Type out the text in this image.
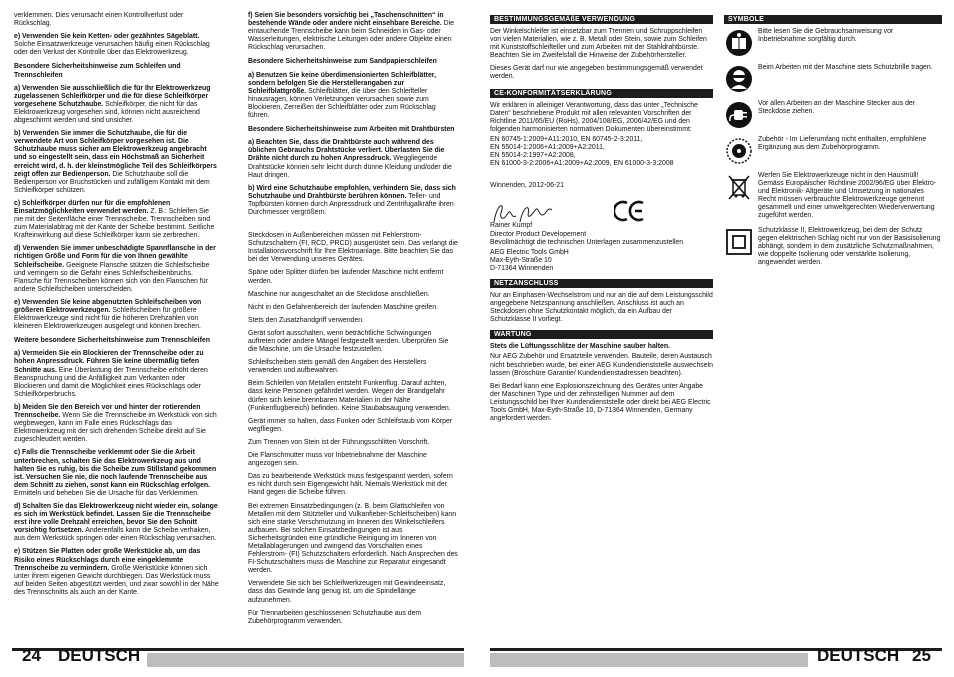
verklemmen. Dies verursacht einen Kontrollverlust oder Rückschlag.

e) Verwenden Sie kein Ketten- oder gezähntes Sägeblatt. Solche Einsatzwerkzeuge verursachen häufig einen Rückschlag oder den Verlust der Kontrolle über das Elektrowerkzeug.

Besondere Sicherheitshinweise zum Schleifen und Trennschleifen

a) Verwenden Sie ausschließlich die für Ihr Elektrowerkzeug zugelassenen Schleifkörper und die für diese Schleifkörper vorgesehene Schutzhaube. Schleifkörper, die nicht für das Elektrowerkzeug vorgesehen sind, können nicht ausreichend abgeschirmt werden und sind unsicher.

b) Verwenden Sie immer die Schutzhaube, die für die verwendete Art von Schleifkörper vorgesehen ist. Die Schutzhaube muss sicher am Elektrowerkzeug angebracht und so eingestellt sein, dass ein Höchstmaß an Sicherheit erreicht wird, d. h. der kleinstmögliche Teil des Schleifkörpers zeigt offen zur Bedienperson. Die Schutzhaube soll die Bedienperson vor Bruchstücken und zufälligem Kontakt mit dem Schleifkörper schützen.

c) Schleifkörper dürfen nur für die empfohlenen Einsatzmöglichkeiten verwendet werden. Z. B.: Schleifen Sie nie mit der Seitenfläche einer Trennscheibe. Trennscheiben sind zum Materialabtrag mit der Kante der Scheibe bestimmt. Seitliche Krafteinwirkung auf diese Schleifkörper kann sie zerbrechen.

d) Verwenden Sie immer unbeschädigte Spannflansche in der richtigen Größe und Form für die von Ihnen gewählte Schleifscheibe. Geeignete Flansche stützen die Schleifscheibe und verringern so die Gefahr eines Schleifscheibenbruchs. Flansche für Trennscheiben können sich von den Flanschen für andere Schleifscheiben unterscheiden.

e) Verwenden Sie keine abgenutzten Schleifscheiben von größeren Elektrowerkzeugen. Schleifscheiben für größere Elektrowerkzeuge sind nicht für die höheren Drehzahlen von kleineren Elektrowerkzeugen ausgelegt und können brechen.

Weitere besondere Sicherheitshinweise zum Trennschleifen

a) Vermeiden Sie ein Blockieren der Trennscheibe oder zu hohen Anpressdruck. Führen Sie keine übermäßig tiefen Schnitte aus. Eine Überlastung der Trennscheibe erhöht deren Beanspruchung und die Anfälligkeit zum Verkanten oder Blockieren und damit die Möglichkeit eines Rückschlags oder Schleifkörperbruchs.

b) Meiden Sie den Bereich vor und hinter der rotierenden Trennscheibe. Wenn Sie die Trennscheibe im Werkstück von sich wegbewegen, kann im Falle eines Rückschlags das Elektrowerkzeug mit der sich drehenden Scheibe direkt auf Sie zugeschleudert werden.

c) Falls die Trennscheibe verklemmt oder Sie die Arbeit unterbrechen, schalten Sie das Elektrowerkzeug aus und halten Sie es ruhig, bis die Scheibe zum Stillstand gekommen ist. Versuchen Sie nie, die noch laufende Trennscheibe aus dem Schnitt zu ziehen, sonst kann ein Rückschlag erfolgen. Ermitteln und beheben Sie die Ursache für das Verklemmen.

d) Schalten Sie das Elektrowerkzeug nicht wieder ein, solange es sich im Werkstück befindet. Lassen Sie die Trennscheibe erst ihre volle Drehzahl erreichen, bevor Sie den Schnitt vorsichtig fortsetzen. Anderenfalls kann die Scheibe verhaken, aus dem Werkstück springen oder einen Rückschlag verursachen.

e) Stützen Sie Platten oder große Werkstücke ab, um das Risiko eines Rückschlags durch eine eingeklemmte Trennscheibe zu vermindern. Große Werkstücke können sich unter ihrem eigenen Gewicht durchbiegen. Das Werkstück muss auf beiden Seiten abgestützt werden, und zwar sowohl in der Nähe des Trennschnitts als auch an der Kante.

f) Seien Sie besonders vorsichtig bei „Taschenschnitten“ in bestehende Wände oder andere nicht einsehbare Bereiche. Die eintauchende Trennscheibe kann beim Schneiden in Gas- oder Wasserleitungen, elektrische Leitungen oder andere Objekte einen Rückschlag verursachen.

Besondere Sicherheitshinweise zum Sandpapierschleifen

a) Benutzen Sie keine überdimensionierten Schleifblätter, sondern befolgen Sie die Herstellerangaben zur Schleifblattgröße. Schleifblätter, die über den Schleifteller hinausragen, können Verletzungen verursachen sowie zum Blockieren, Zerreißen der Schleifblätter oder zum Rückschlag führen.

Besondere Sicherheitshinweise zum Arbeiten mit Drahtbürsten

a) Beachten Sie, dass die Drahtbürste auch während des üblichen Gebrauchs Drahtstücke verliert. Überlasten Sie die Drähte nicht durch zu hohen Anpressdruck. Weggliegende Drahtstücke können sehr leicht durch dünne Kleidung und/oder die Haut dringen.

b) Wird eine Schutzhaube empfohlen, verhindern Sie, dass sich Schutzhaube und Drahtbürste berühren können. Teller- und Topfbürsten können durch Anpressdruck und Zentrifugalkräfte ihren Durchmesser vergrößern.

Steckdosen in Außenbereichen müssen mit Fehlerstrom-Schutzschaltern (FI, RCD, PRCD) ausgerüstet sein. Das verlangt die Installationsvorschrift für Ihre Elektroanlage. Bitte beachten Sie das bei der Verwendung unseres Gerätes.

Späne oder Splitter dürfen bei laufender Maschine nicht entfernt werden.

Maschine nur ausgeschaltet an die Steckdose anschließen.

Nicht in den Gefahrenbereich der laufenden Maschine greifen.

Stets den Zusatzhandgriff verwenden.

Gerät sofort ausschalten, wenn beträchtliche Schwingungen auftreten oder andere Mängel festgestellt werden. Überprüfen Sie die Maschine, um die Ursache festzustellen.

Schleifscheiben stets gemäß den Angaben des Herstellers verwenden und aufbewahren.

Beim Schleifen von Metallen entsteht Funkenflug. Darauf achten, dass keine Personen gefährdet werden. Wegen der Brandgefahr dürfen sich keine brennbaren Materialien in der Nähe (Funkenflugbereich) befinden. Keine Staubabsaugung verwenden.

Gerät immer so halten, dass Funken oder Schleifstaub vom Körper wegfliegen.

Zum Trennen von Stein ist der Führungsschlitten Vorschrift.

Die Flanschmutter muss vor Inbetriebnahme der Maschine angezogen sein.

Das zu bearbeitende Werkstück muss festgespannt werden, sofern es nicht durch sein Eigengewicht hält. Niemals Werkstück mit der Hand gegen die Scheibe führen.

Bei extremen Einsatzbedingungen (z. B. beim Glattschleifen von Metallen mit dem Stützteller und Vulkanfieber-Schleifscheiben) kann sich eine starke Verschmutzung im Inneren des Winkelschleifers aufbauen. Bei solchen Einsatzbedingungen ist aus Sicherheitsgründen eine gründliche Reinigung im Inneren von Metallablagerungen und zwingend das Vorschalten eines Fehlerstrom- (FI) Schutzschalters erforderlich. Nach Ansprechen des FI-Schutzschalters muss die Maschine zur Reparatur eingesandt werden.

Verwendete Sie sich bei Schleifwerkzeugen mit Gewindeeinsatz, dass das Gewinde lang genug ist, um die Spindellänge aufzunehmen.

Für Trennarbeiten geschlossenen Schutzhaube aus dem Zubehörprogramm verwenden.

BESTIMMUNGSGEMÄßE VERWENDUNG

Der Winkelschleifer ist einsetzbar zum Trennen und Schruppschleifen von vielen Materialien, wie z. B. Metall oder Stein, sowie zum Schleifen mit Kunststoffschleifteller und zum Arbeiten mit der Stahldrahtbürste. Beachten Sie im Zweifelsfall die Hinweise der Zubehörhersteller.

Dieses Gerät darf nur wie angegeben bestimmungsgemäß verwendet werden.

CE-KONFORMITÄTSERKLÄRUNG

Wir erklären in alleiniger Verantwortung, dass das unter „Technische Daten“ beschriebene Produkt mit allen relevanten Vorschriften der Richtline 2011/65/EU (RoHs), 2004/108/EG, 2006/42/EG und den folgenden harmonisierten normativen Dokumenten übereinstimmt:

EN 60745-1:2009+A11:2010, EN 60745-2-3:2011,

EN 55014-1:2006+A1:2009+A2:2011,

EN 55014-2:1997+A2:2008,

EN 61000-3-2:2006+A1:2009+A2:2009, EN 61000-3-3:2008

Winnenden, 2012-06-21

Rainer Kumpf

Director Product Developement

Bevollmächtigt die technischen Unterlagen zusammenzustellen

AEG Electric Tools GmbH

Max-Eyth-Straße 10

D-71364 Winnenden

NETZANSCHLUSS

Nur an Einphasen-Wechselstrom und nur an die auf dem Leistungsschild angegebene Netzspannung anschließen. Anschluss ist auch an Steckdosen ohne Schutzkontakt möglich, da ein Aufbau der Schutzklasse II vorliegt.

WARTUNG

Stets die Lüftungsschlitze der Maschine sauber halten.

Nur AEG Zubehör und Ersatzteile verwenden. Bauteile, deren Austausch nicht beschrieben wurde, bei einer AEG Kundendienststelle auswechseln lassen (Broschüre Garantie/ Kundendienstadressen beachten).

Bei Bedarf kann eine Explosionszeichnung des Gerätes unter Angabe der Maschinen Type und der zehnstelligen Nummer auf dem Leistungsschild bei Ihrer Kundendienststelle oder direkt bei AEG Electric Tools GmbH, Max-Eyth-Straße 10, D-71364 Winnenden, Germany angefordert werden.

SYMBOLE
Bitte lesen Sie die Gebrauchsanweisung vor Inbetriebnahme sorgfältig durch.
Beim Arbeiten mit der Maschine stets Schutzbrille tragen.
Vor allen Arbeiten an der Maschine Stecker aus der Steckdose ziehen.
Zubehör - Im Lieferumfang nicht enthalten, empfohlene Ergänzung aus dem Zubehörprogramm.
Werfen Sie Elektrowerkzeuge nicht in den Hausmüll! Gemäss Europäischer Richtlinie 2002/96/EG über Elektro- und Elektronik- Altgeräte und Umsetzung in nationales Recht müssen verbrauchte Elektrowerkzeuge getrennt gesammelt und einer umweltgerechten Wiederverwertung zugeführt werden.
Schutzklasse II, Elektrowerkzeug, bei dem der Schutz gegen elektrischen Schlag nicht nur von der Basisisolierung abhängt, sondern in dem zusätzliche Schutzmaßnahmen, wie doppelte Isolierung oder verstärkte Isolierung, angewendet werden.
24 DEUTSCH	DEUTSCH 25
